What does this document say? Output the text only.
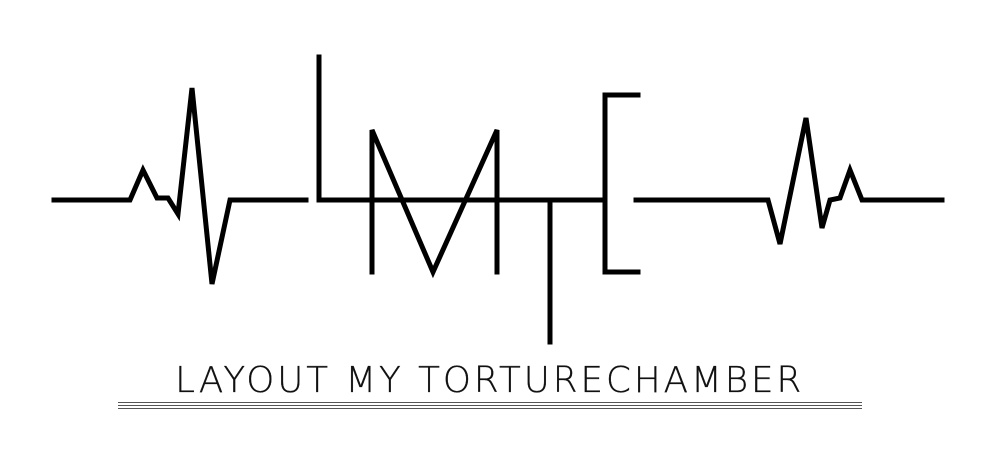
LAYOUT MY TORTURECHAMBER
